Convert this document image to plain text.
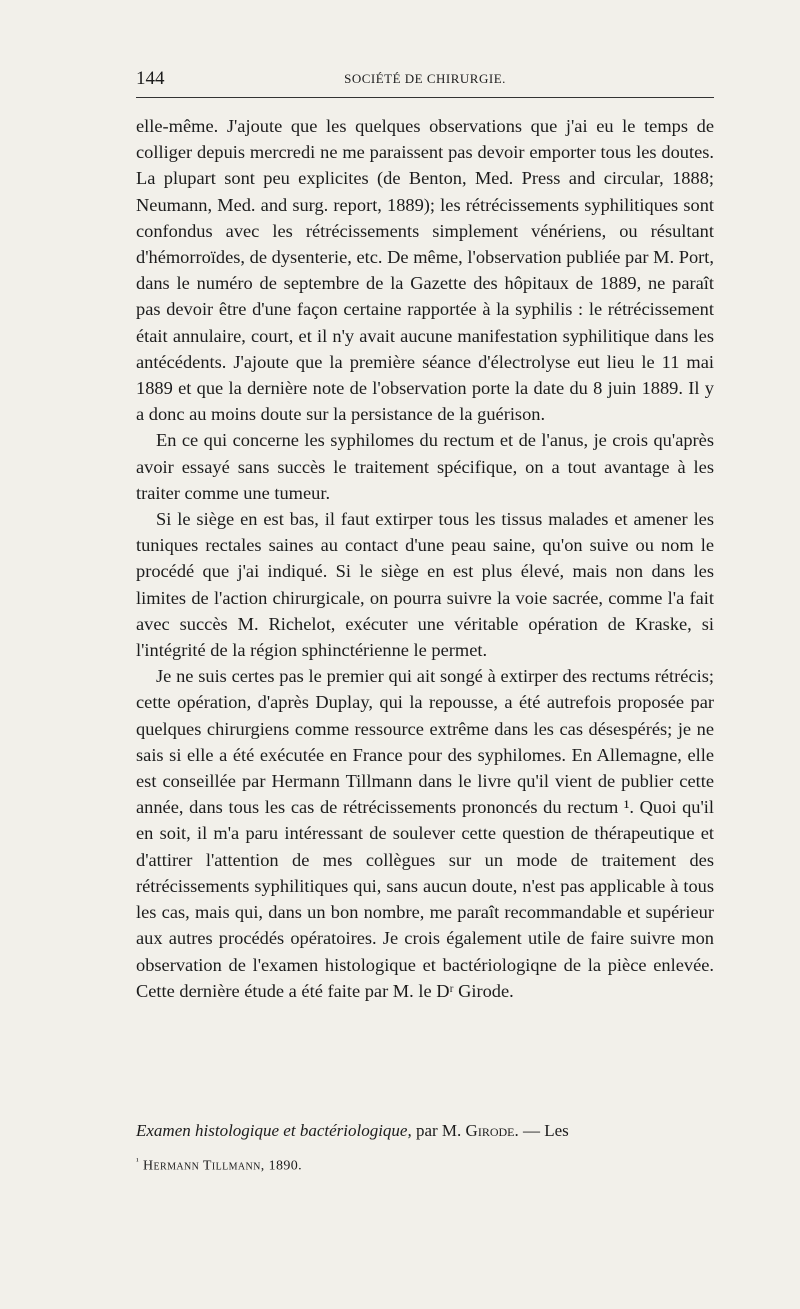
144	SOCIÉTÉ DE CHIRURGIE.

elle-même. J'ajoute que les quelques observations que j'ai eu le temps de colliger depuis mercredi ne me paraissent pas devoir emporter tous les doutes. La plupart sont peu explicites (de Benton, Med. Press and circular, 1888; Neumann, Med. and surg. report, 1889); les rétrécissements syphilitiques sont confondus avec les rétrécissements simplement vénériens, ou résultant d'hémorroïdes, de dysenterie, etc. De même, l'observation publiée par M. Port, dans le numéro de septembre de la Gazette des hôpitaux de 1889, ne paraît pas devoir être d'une façon certaine rapportée à la syphilis : le rétrécissement était annulaire, court, et il n'y avait aucune manifestation syphilitique dans les antécédents. J'ajoute que la première séance d'électrolyse eut lieu le 11 mai 1889 et que la dernière note de l'observation porte la date du 8 juin 1889. Il y a donc au moins doute sur la persistance de la guérison.

En ce qui concerne les syphilomes du rectum et de l'anus, je crois qu'après avoir essayé sans succès le traitement spécifique, on a tout avantage à les traiter comme une tumeur.

Si le siège en est bas, il faut extirper tous les tissus malades et amener les tuniques rectales saines au contact d'une peau saine, qu'on suive ou nom le procédé que j'ai indiqué. Si le siège en est plus élevé, mais non dans les limites de l'action chirurgicale, on pourra suivre la voie sacrée, comme l'a fait avec succès M. Richelot, exécuter une véritable opération de Kraske, si l'intégrité de la région sphinctérienne le permet.

Je ne suis certes pas le premier qui ait songé à extirper des rectums rétrécis; cette opération, d'après Duplay, qui la repousse, a été autrefois proposée par quelques chirurgiens comme ressource extrême dans les cas désespérés; je ne sais si elle a été exécutée en France pour des syphilomes. En Allemagne, elle est conseillée par Hermann Tillmann dans le livre qu'il vient de publier cette année, dans tous les cas de rétrécissements prononcés du rectum ¹. Quoi qu'il en soit, il m'a paru intéressant de soulever cette question de thérapeutique et d'attirer l'attention de mes collègues sur un mode de traitement des rétrécissements syphilitiques qui, sans aucun doute, n'est pas applicable à tous les cas, mais qui, dans un bon nombre, me paraît recommandable et supérieur aux autres procédés opératoires. Je crois également utile de faire suivre mon observation de l'examen histologique et bactériologiqne de la pièce enlevée. Cette dernière étude a été faite par M. le Dʳ Girode.

Examen histologique et bactériologique, par M. Girode. — Les
$^{^1}$ Hermann Tillmann, 1890.
